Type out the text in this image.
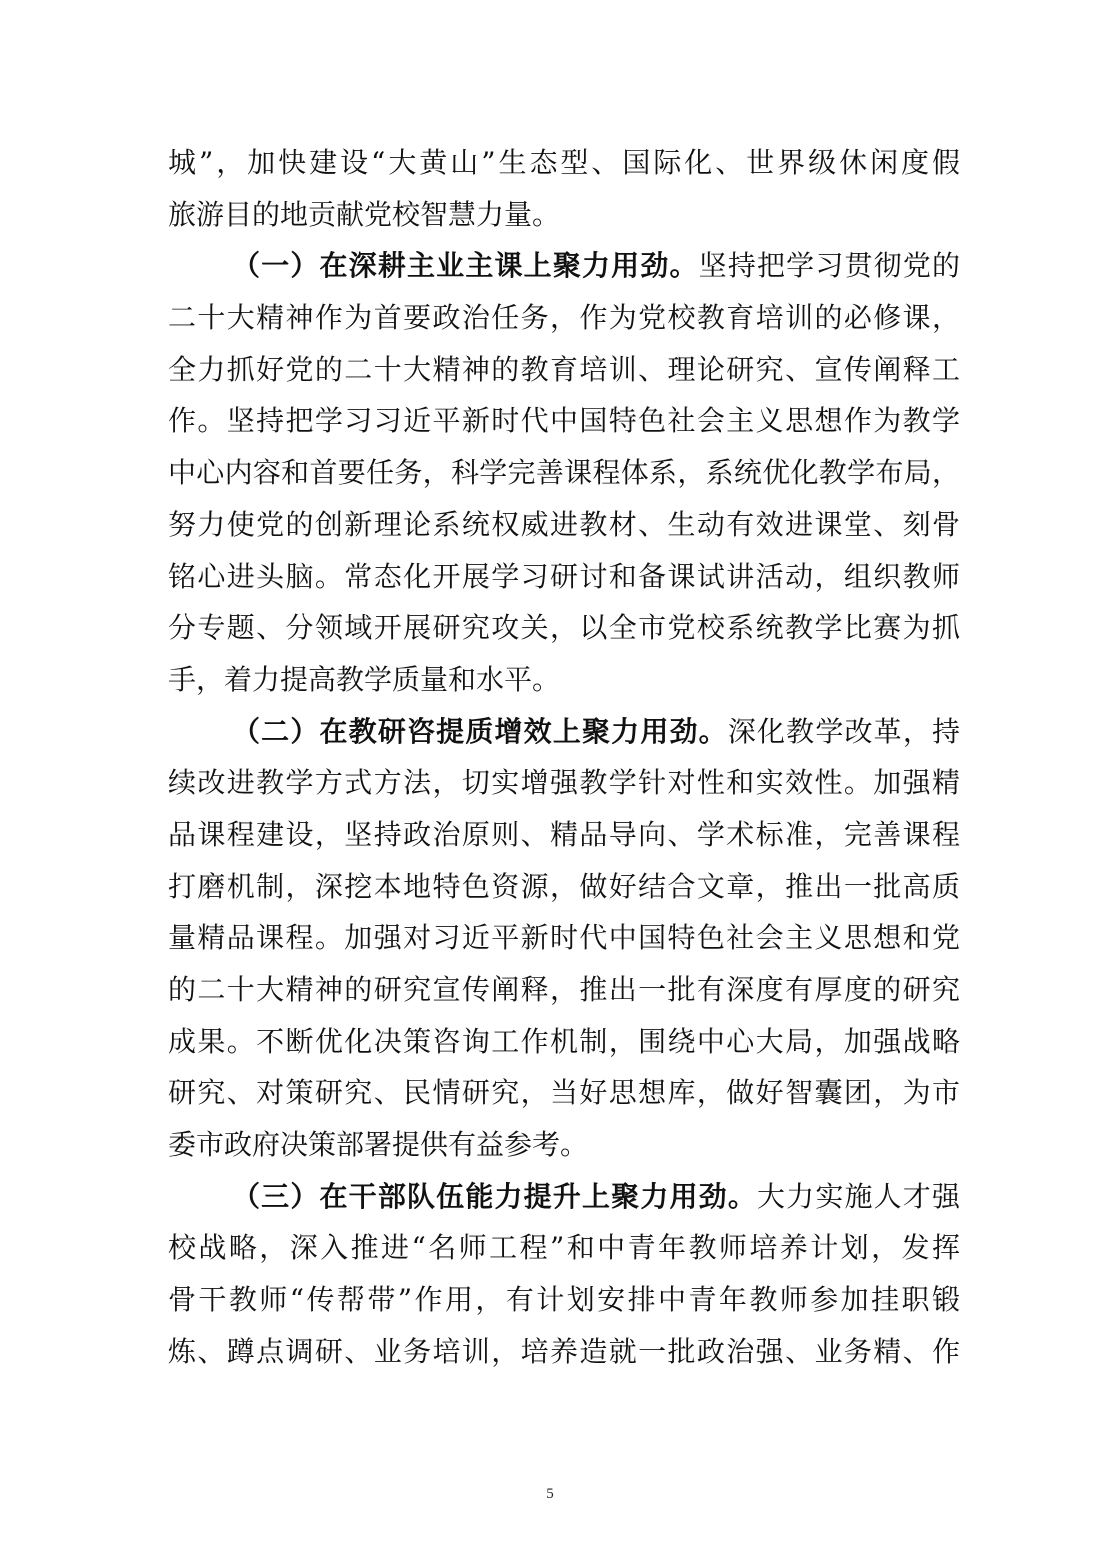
城”，加快建设“大黄山”生态型、国际化、世界级休闲度假
旅游目的地贡献党校智慧力量。
（一）在深耕主业主课上聚力用劲。坚持把学习贯彻党的
二十大精神作为首要政治任务，作为党校教育培训的必修课，
全力抓好党的二十大精神的教育培训、理论研究、宣传阐释工
作。坚持把学习习近平新时代中国特色社会主义思想作为教学
中心内容和首要任务，科学完善课程体系，系统优化教学布局，
努力使党的创新理论系统权威进教材、生动有效进课堂、刻骨
铭心进头脑。常态化开展学习研讨和备课试讲活动，组织教师
分专题、分领域开展研究攻关，以全市党校系统教学比赛为抓
手，着力提高教学质量和水平。
（二）在教研咨提质增效上聚力用劲。深化教学改革，持
续改进教学方式方法，切实增强教学针对性和实效性。加强精
品课程建设，坚持政治原则、精品导向、学术标准，完善课程
打磨机制，深挖本地特色资源，做好结合文章，推出一批高质
量精品课程。加强对习近平新时代中国特色社会主义思想和党
的二十大精神的研究宣传阐释，推出一批有深度有厚度的研究
成果。不断优化决策咨询工作机制，围绕中心大局，加强战略
研究、对策研究、民情研究，当好思想库，做好智囊团，为市
委市政府决策部署提供有益参考。
（三）在干部队伍能力提升上聚力用劲。大力实施人才强
校战略，深入推进“名师工程”和中青年教师培养计划，发挥
骨干教师“传帮带”作用，有计划安排中青年教师参加挂职锻
炼、蹲点调研、业务培训，培养造就一批政治强、业务精、作
5
